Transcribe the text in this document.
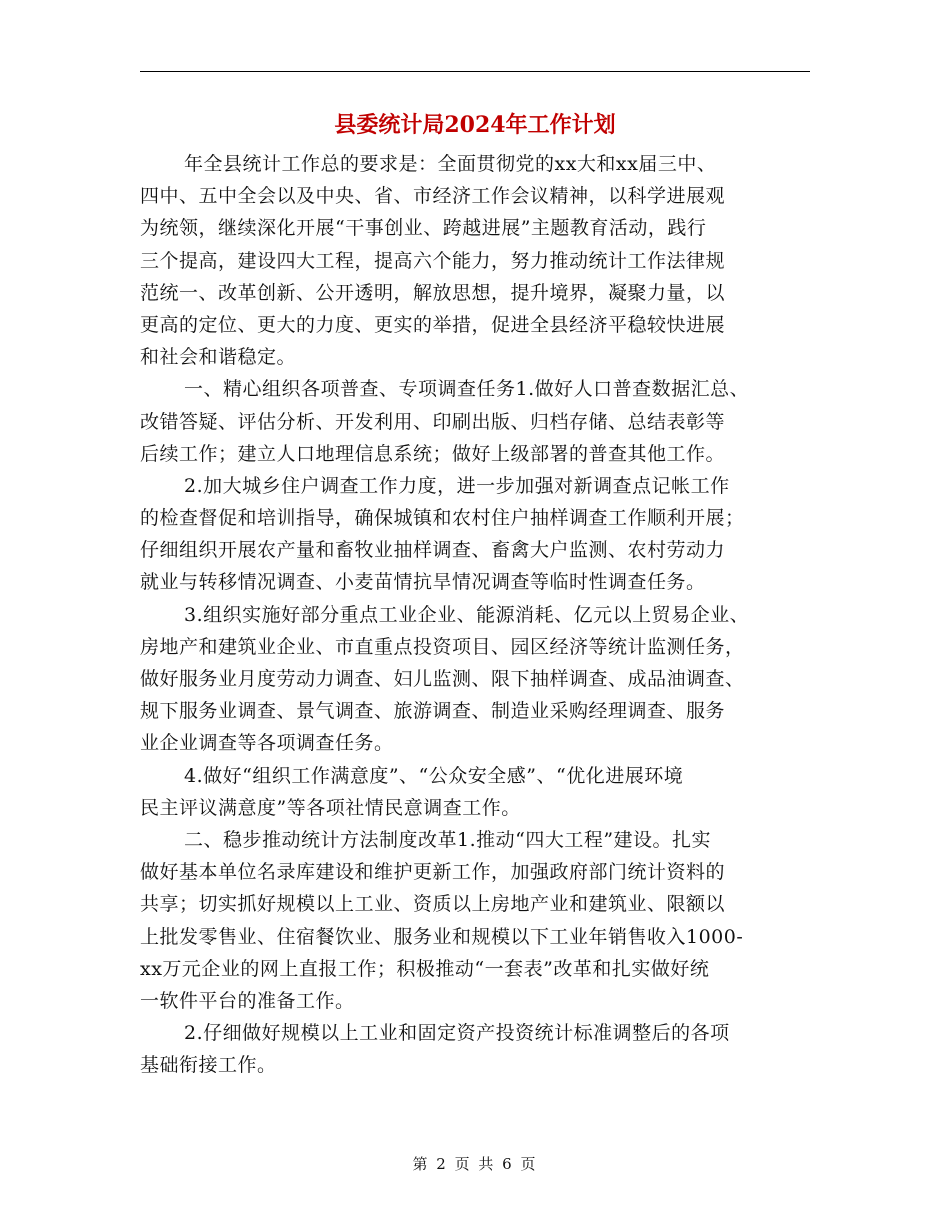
县委统计局2024年工作计划
年全县统计工作总的要求是：全面贯彻党的xx大和xx届三中、
四中、五中全会以及中央、省、市经济工作会议精神，以科学进展观
为统领，继续深化开展“干事创业、跨越进展”主题教育活动，践行
三个提高，建设四大工程，提高六个能力，努力推动统计工作法律规
范统一、改革创新、公开透明，解放思想，提升境界，凝聚力量，以
更高的定位、更大的力度、更实的举措，促进全县经济平稳较快进展
和社会和谐稳定。
一、精心组织各项普查、专项调查任务1.做好人口普查数据汇总、
改错答疑、评估分析、开发利用、印刷出版、归档存储、总结表彰等
后续工作；建立人口地理信息系统；做好上级部署的普查其他工作。
2.加大城乡住户调查工作力度，进一步加强对新调查点记帐工作
的检查督促和培训指导，确保城镇和农村住户抽样调查工作顺利开展；
仔细组织开展农产量和畜牧业抽样调查、畜禽大户监测、农村劳动力
就业与转移情况调查、小麦苗情抗旱情况调查等临时性调查任务。
3.组织实施好部分重点工业企业、能源消耗、亿元以上贸易企业、
房地产和建筑业企业、市直重点投资项目、园区经济等统计监测任务，
做好服务业月度劳动力调查、妇儿监测、限下抽样调查、成品油调查、
规下服务业调查、景气调查、旅游调查、制造业采购经理调查、服务
业企业调查等各项调查任务。
4.做好“组织工作满意度”、“公众安全感”、“优化进展环境
民主评议满意度”等各项社情民意调查工作。
二、稳步推动统计方法制度改革1.推动“四大工程”建设。扎实
做好基本单位名录库建设和维护更新工作，加强政府部门统计资料的
共享；切实抓好规模以上工业、资质以上房地产业和建筑业、限额以
上批发零售业、住宿餐饮业、服务业和规模以下工业年销售收入1000-
xx万元企业的网上直报工作；积极推动“一套表”改革和扎实做好统
一软件平台的准备工作。
2.仔细做好规模以上工业和固定资产投资统计标准调整后的各项
基础衔接工作。
第 2 页 共 6 页
